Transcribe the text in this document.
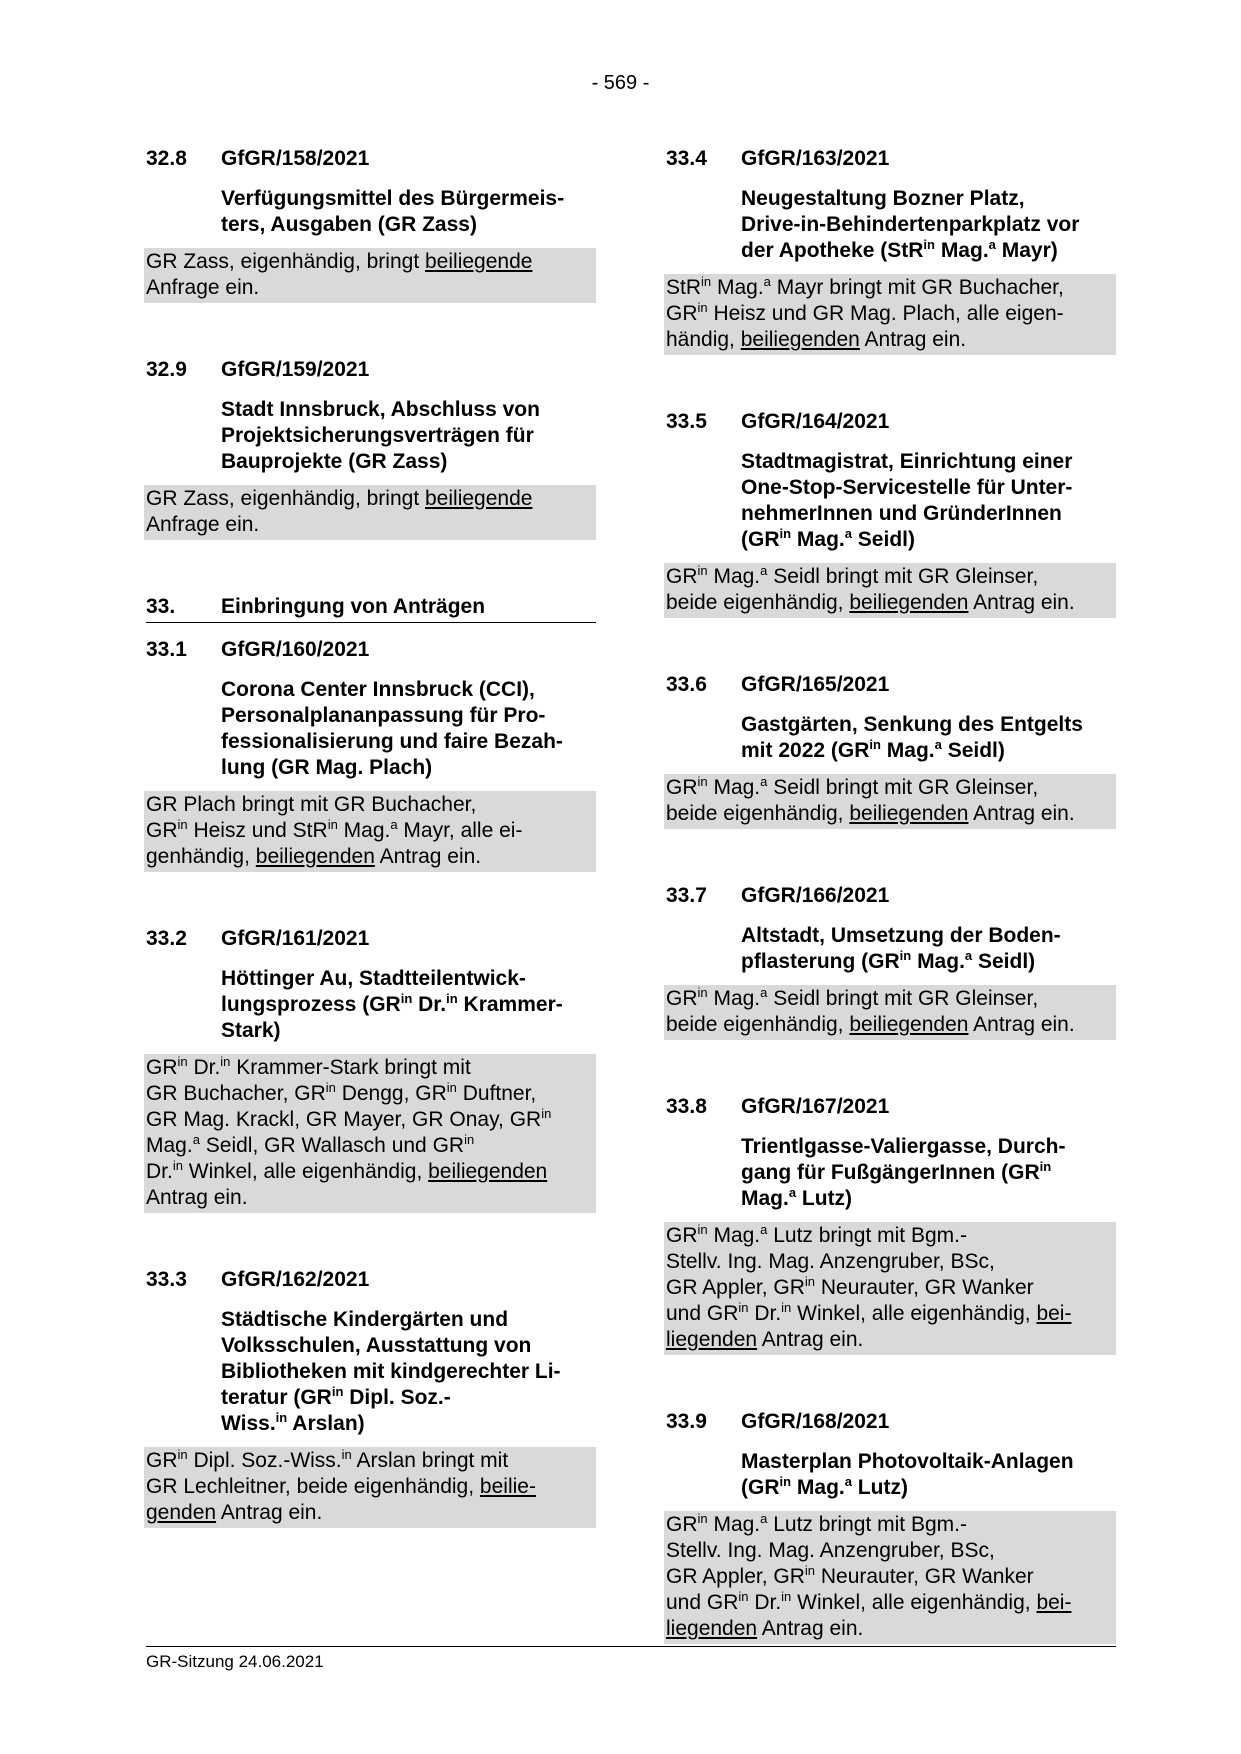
- 569 -
32.8	GfGR/158/2021
Verfügungsmittel des Bürgermeis-
ters, Ausgaben (GR Zass)
GR Zass, eigenhändig, bringt beiliegende
Anfrage ein.
32.9	GfGR/159/2021
Stadt Innsbruck, Abschluss von
Projektsicherungsverträgen für
Bauprojekte (GR Zass)
GR Zass, eigenhändig, bringt beiliegende
Anfrage ein.
33.	Einbringung von Anträgen
33.1	GfGR/160/2021
Corona Center Innsbruck (CCI),
Personalplananpassung für Pro-
fessionalisierung und faire Bezah-
lung (GR Mag. Plach)
GR Plach bringt mit GR Buchacher,
$GR^{in}$ Heisz und StR$^{in}$ Mag.$^a$ Mayr, alle ei-
genhändig, beiliegenden Antrag ein.
33.2	GfGR/161/2021
Höttinger Au, Stadtteilentwick-
lungsprozess ($GR^{in}$ Dr.$^{in}$ Krammer-
Stark)
$GR^{in}$ Dr.$^{in}$ Krammer-Stark bringt mit
GR Buchacher, $GR^{in}$ Dengg, $GR^{in}$ Duftner,
GR Mag. Krackl, GR Mayer, GR Onay, $GR^{in}$
Mag.$^a$ Seidl, GR Wallasch und $GR^{in}$
Dr.$^{in}$ Winkel, alle eigenhändig, beiliegenden
Antrag ein.
33.3	GfGR/162/2021
Städtische Kindergärten und
Volksschulen, Ausstattung von
Bibliotheken mit kindgerechter Li-
teratur ($GR^{in}$ Dipl. Soz.-
Wiss.$^{in}$ Arslan)
$GR^{in}$ Dipl. Soz.-Wiss.$^{in}$ Arslan bringt mit
GR Lechleitner, beide eigenhändig, beilie-
genden Antrag ein.
33.4	GfGR/163/2021
Neugestaltung Bozner Platz,
Drive-in-Behindertenparkplatz vor
der Apotheke (StR$^{in}$ Mag.$^a$ Mayr)
StR$^{in}$ Mag.$^a$ Mayr bringt mit GR Buchacher,
$GR^{in}$ Heisz und GR Mag. Plach, alle eigen-
händig, beiliegenden Antrag ein.
33.5	GfGR/164/2021
Stadtmagistrat, Einrichtung einer
One-Stop-Servicestelle für Unter-
nehmerInnen und GründerInnen
($GR^{in}$ Mag.$^a$ Seidl)
$GR^{in}$ Mag.$^a$ Seidl bringt mit GR Gleinser,
beide eigenhändig, beiliegenden Antrag ein.
33.6	GfGR/165/2021
Gastgärten, Senkung des Entgelts
mit 2022 ($GR^{in}$ Mag.$^a$ Seidl)
$GR^{in}$ Mag.$^a$ Seidl bringt mit GR Gleinser,
beide eigenhändig, beiliegenden Antrag ein.
33.7	GfGR/166/2021
Altstadt, Umsetzung der Boden-
pflasterung ($GR^{in}$ Mag.$^a$ Seidl)
$GR^{in}$ Mag.$^a$ Seidl bringt mit GR Gleinser,
beide eigenhändig, beiliegenden Antrag ein.
33.8	GfGR/167/2021
Trientlgasse-Valiergasse, Durch-
gang für FußgängerInnen ($GR^{in}$
Mag.$^a$ Lutz)
$GR^{in}$ Mag.$^a$ Lutz bringt mit Bgm.-
Stellv. Ing. Mag. Anzengruber, BSc,
GR Appler, $GR^{in}$ Neurauter, GR Wanker
und $GR^{in}$ Dr.$^{in}$ Winkel, alle eigenhändig, bei-
liegenden Antrag ein.
33.9	GfGR/168/2021
Masterplan Photovoltaik-Anlagen
($GR^{in}$ Mag.$^a$ Lutz)
$GR^{in}$ Mag.$^a$ Lutz bringt mit Bgm.-
Stellv. Ing. Mag. Anzengruber, BSc,
GR Appler, $GR^{in}$ Neurauter, GR Wanker
und $GR^{in}$ Dr.$^{in}$ Winkel, alle eigenhändig, bei-
liegenden Antrag ein.
GR-Sitzung 24.06.2021
